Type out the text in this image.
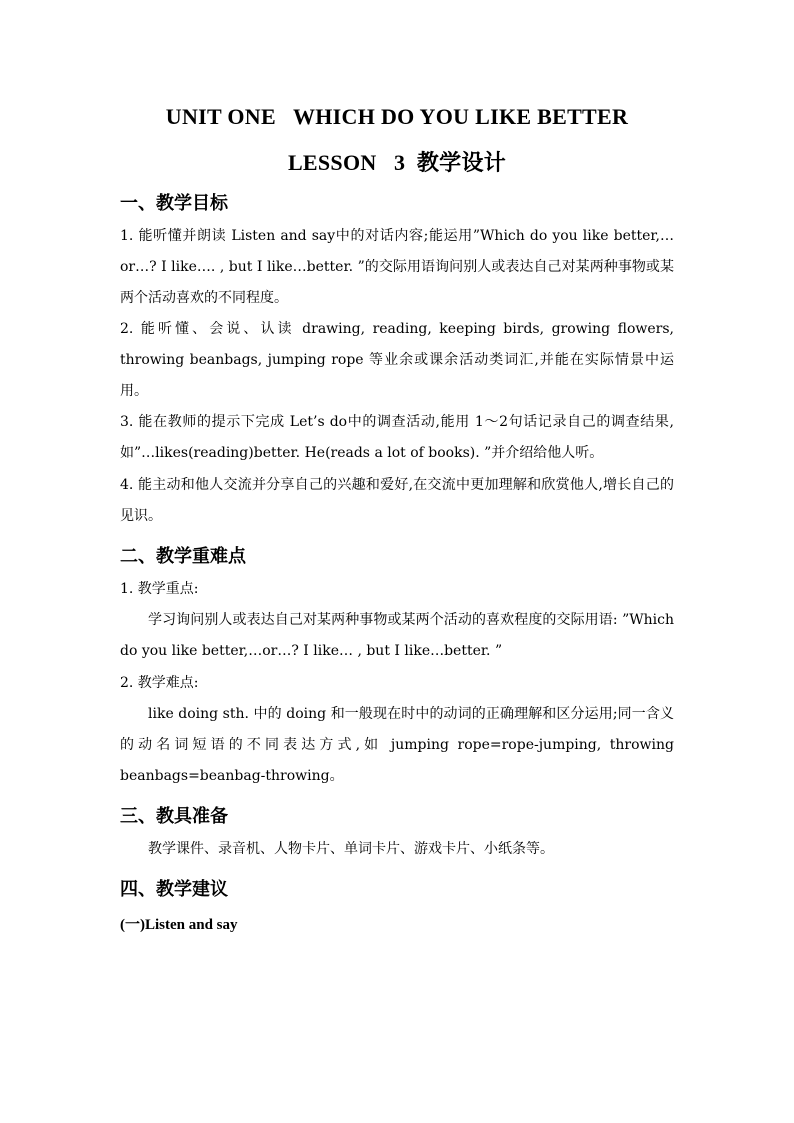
UNIT ONE   WHICH DO YOU LIKE BETTER
LESSON   3  教学设计
一、教学目标

1. 能听懂并朗读 Listen and say中的对话内容;能运用”Which do you like better,…or…? I like…. , but I like…better. ”的交际用语询问别人或表达自己对某两种事物或某两个活动喜欢的不同程度。

2. 能听懂、会说、认读 drawing, reading, keeping birds, growing flowers, throwing beanbags, jumping rope 等业余或课余活动类词汇,并能在实际情景中运用。

3. 能在教师的提示下完成 Let’s do中的调查活动,能用 1～2句话记录自己的调查结果,如”…likes(reading)better. He(reads a lot of books). ”并介绍给他人听。

4. 能主动和他人交流并分享自己的兴趣和爱好,在交流中更加理解和欣赏他人,增长自己的见识。

二、教学重难点

1. 教学重点:

学习询问别人或表达自己对某两种事物或某两个活动的喜欢程度的交际用语: ”Which do you like better,…or…? I like… , but I like…better. ”

2. 教学难点:

like doing sth. 中的 doing 和一般现在时中的动词的正确理解和区分运用;同一含义的动名词短语的不同表达方式,如 jumping rope=rope-jumping, throwing beanbags=beanbag-throwing。

三、教具准备

教学课件、录音机、人物卡片、单词卡片、游戏卡片、小纸条等。

四、教学建议
(一)Listen and say
